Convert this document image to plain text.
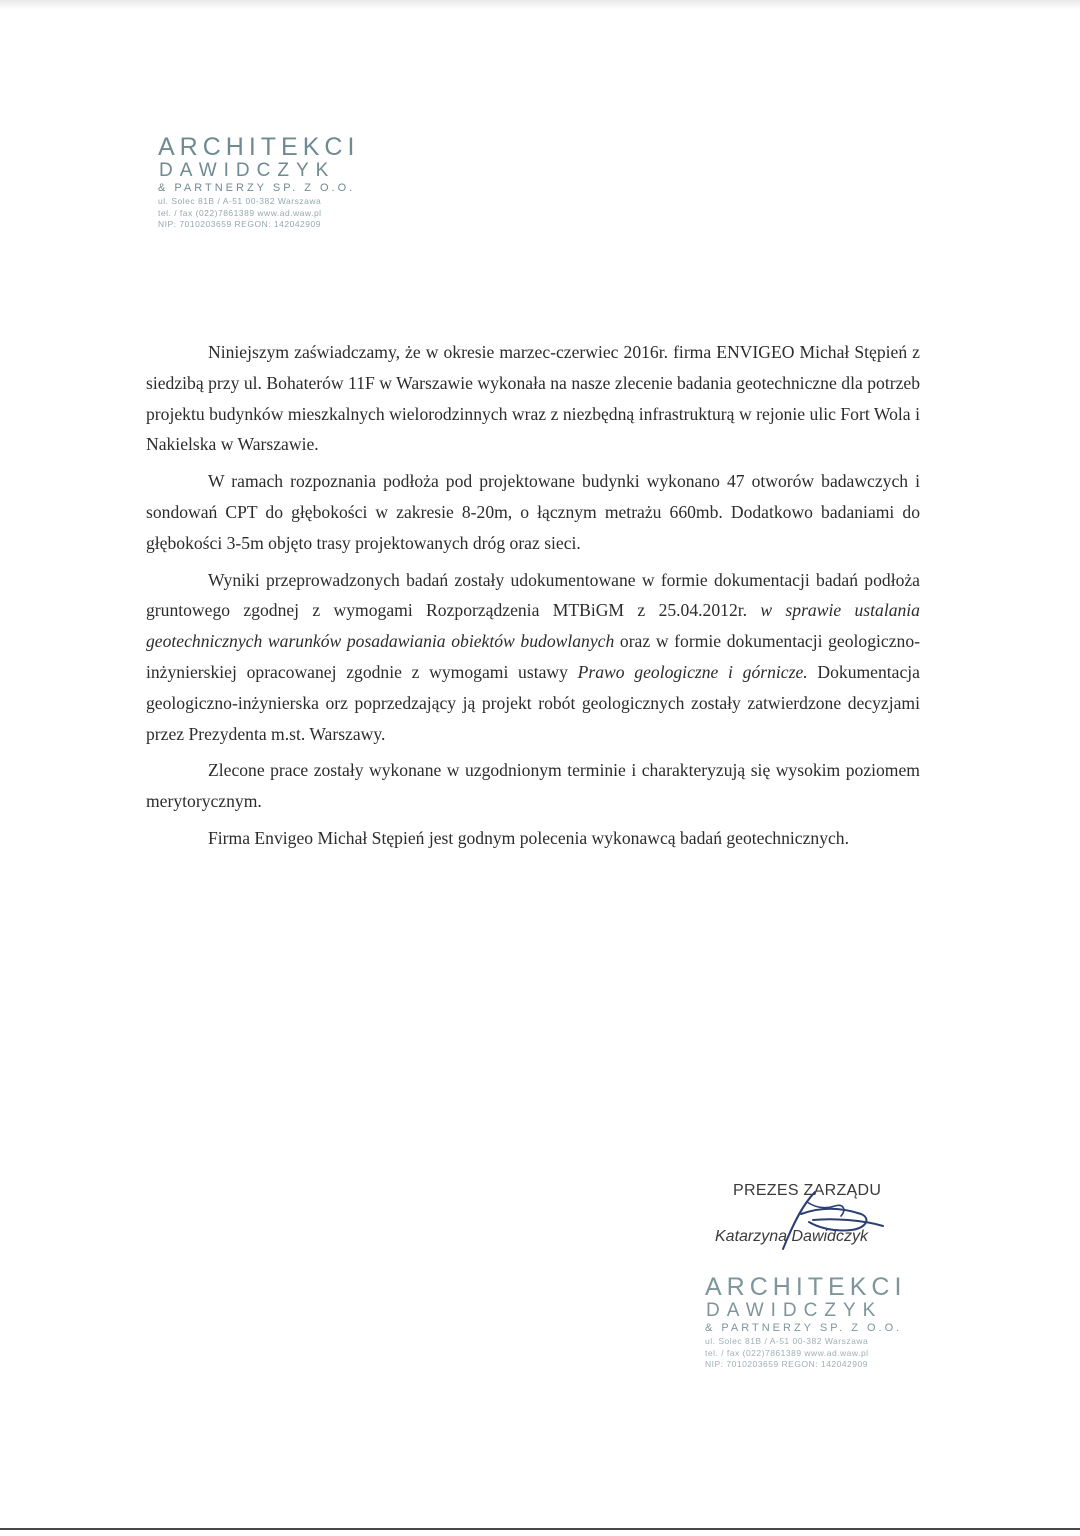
ARCHITEKCI
DAWIDCZYK
& PARTNERZY SP. Z O.O.
ul. Solec 81B / A-51 00-382 Warszawa
tel. / fax (022)7861389 www.ad.waw.pl
NIP: 7010203659 REGON: 142042909

Niniejszym zaświadczamy, że w okresie marzec-czerwiec 2016r. firma ENVIGEO Michał Stępień z siedzibą przy ul. Bohaterów 11F w Warszawie wykonała na nasze zlecenie badania geotechniczne dla potrzeb projektu budynków mieszkalnych wielorodzinnych wraz z niezbędną infrastrukturą w rejonie ulic Fort Wola i Nakielska w Warszawie.

W ramach rozpoznania podłoża pod projektowane budynki wykonano 47 otworów badawczych i sondowań CPT do głębokości w zakresie 8-20m, o łącznym metrażu 660mb. Dodatkowo badaniami do głębokości 3-5m objęto trasy projektowanych dróg oraz sieci.

Wyniki przeprowadzonych badań zostały udokumentowane w formie dokumentacji badań podłoża gruntowego zgodnej z wymogami Rozporządzenia MTBiGM z 25.04.2012r. w sprawie ustalania geotechnicznych warunków posadawiania obiektów budowlanych oraz w formie dokumentacji geologiczno-inżynierskiej opracowanej zgodnie z wymogami ustawy Prawo geologiczne i górnicze. Dokumentacja geologiczno-inżynierska orz poprzedzający ją projekt robót geologicznych zostały zatwierdzone decyzjami przez Prezydenta m.st. Warszawy.

Zlecone prace zostały wykonane w uzgodnionym terminie i charakteryzują się wysokim poziomem merytorycznym.

Firma Envigeo Michał Stępień jest godnym polecenia wykonawcą badań geotechnicznych.

PREZES ZARZĄDU
Katarzyna Dawidczyk
ARCHITEKCI
DAWIDCZYK
& PARTNERZY SP. Z O.O.
ul. Solec 81B / A-51 00-382 Warszawa
tel. / fax (022)7861389 www.ad.waw.pl
NIP: 7010203659 REGON: 142042909
